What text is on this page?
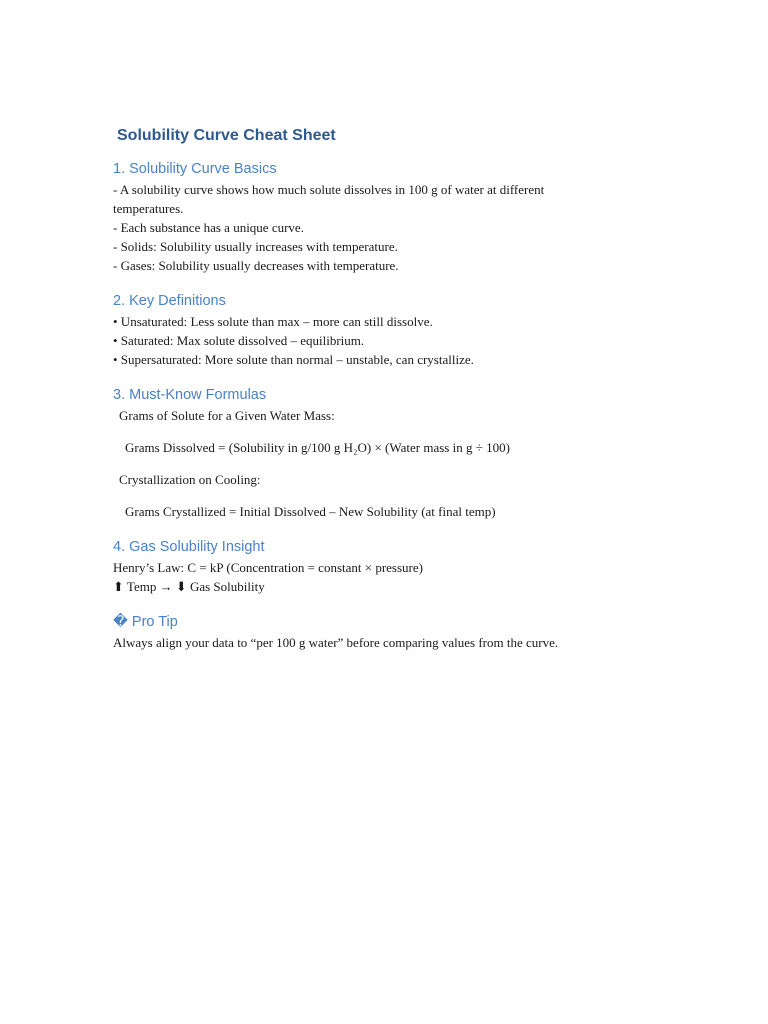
Solubility Curve Cheat Sheet
1. Solubility Curve Basics
- A solubility curve shows how much solute dissolves in 100 g of water at different temperatures.
- Each substance has a unique curve.
- Solids: Solubility usually increases with temperature.
- Gases: Solubility usually decreases with temperature.
2. Key Definitions
• Unsaturated: Less solute than max – more can still dissolve.
• Saturated: Max solute dissolved – equilibrium.
• Supersaturated: More solute than normal – unstable, can crystallize.
3. Must-Know Formulas
Grams of Solute for a Given Water Mass:
Grams Dissolved = (Solubility in g/100 g H₂O) × (Water mass in g ÷ 100)
Crystallization on Cooling:
Grams Crystallized = Initial Dissolved – New Solubility (at final temp)
4. Gas Solubility Insight
Henry’s Law: C = kP (Concentration = constant × pressure)
⬆ Temp → ⬇ Gas Solubility
� Pro Tip
Always align your data to “per 100 g water” before comparing values from the curve.
